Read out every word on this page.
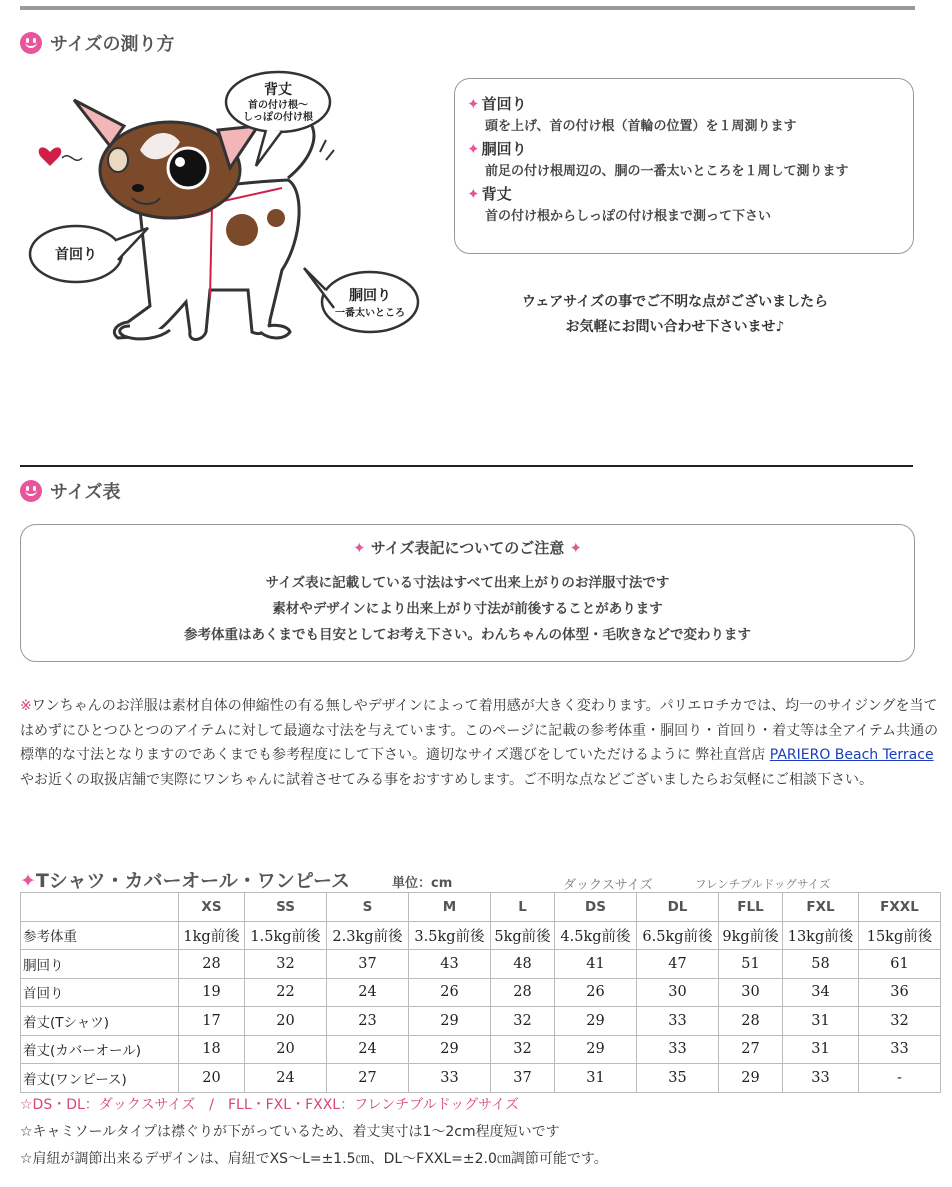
サイズの測り方
背丈
首の付け根〜
しっぽの付け根
首回り
胴回り
一番太いところ
✦ 首回り
頭を上げ、首の付け根（首輪の位置）を１周測ります
✦ 胴回り
前足の付け根周辺の、胴の一番太いところを１周して測ります
✦ 背丈
首の付け根からしっぽの付け根まで測って下さい
ウェアサイズの事でご不明な点がございましたら
お気軽にお問い合わせ下さいませ♪
サイズ表
✦ サイズ表記についてのご注意 ✦
サイズ表に記載している寸法はすべて出来上がりのお洋服寸法です
素材やデザインにより出来上がり寸法が前後することがあります
参考体重はあくまでも目安としてお考え下さい。わんちゃんの体型・毛吹きなどで変わります
※ワンちゃんのお洋服は素材自体の伸縮性の有る無しやデザインによって着用感が大きく変わります。パリエロチカでは、均一のサイジングを当てはめずにひとつひとつのアイテムに対して最適な寸法を与えています。このページに記載の参考体重・胴回り・首回り・着丈等は全アイテム共通の標準的な寸法となりますのであくまでも参考程度にして下さい。適切なサイズ選びをしていただけるように 弊社直営店 PARIERO Beach Terrace やお近くの取扱店舗で実際にワンちゃんに試着させてみる事をおすすめします。ご不明な点などございましたらお気軽にご相談下さい。
✦Tシャツ・カバーオール・ワンピース	単位：cm	ダックスサイズ	フレンチブルドッグサイズ
	XS	SS	S	M	L	DS	DL	FLL	FXL	FXXL
参考体重	1kg前後	1.5kg前後	2.3kg前後	3.5kg前後	5kg前後	4.5kg前後	6.5kg前後	9kg前後	13kg前後	15kg前後
胴回り	28	32	37	43	48	41	47	51	58	61
首回り	19	22	24	26	28	26	30	30	34	36
着丈(Tシャツ)	17	20	23	29	32	29	33	28	31	32
着丈(カバーオール)	18	20	24	29	32	29	33	27	31	33
着丈(ワンピース)	20	24	27	33	37	31	35	29	33	-
☆DS・DL：ダックスサイズ　/　FLL・FXL・FXXL：フレンチブルドッグサイズ
☆キャミソールタイプは襟ぐりが下がっているため、着丈実寸は1〜2cm程度短いです
☆肩紐が調節出来るデザインは、肩紐でXS〜L=±1.5㎝、DL〜FXXL=±2.0㎝調節可能です。
